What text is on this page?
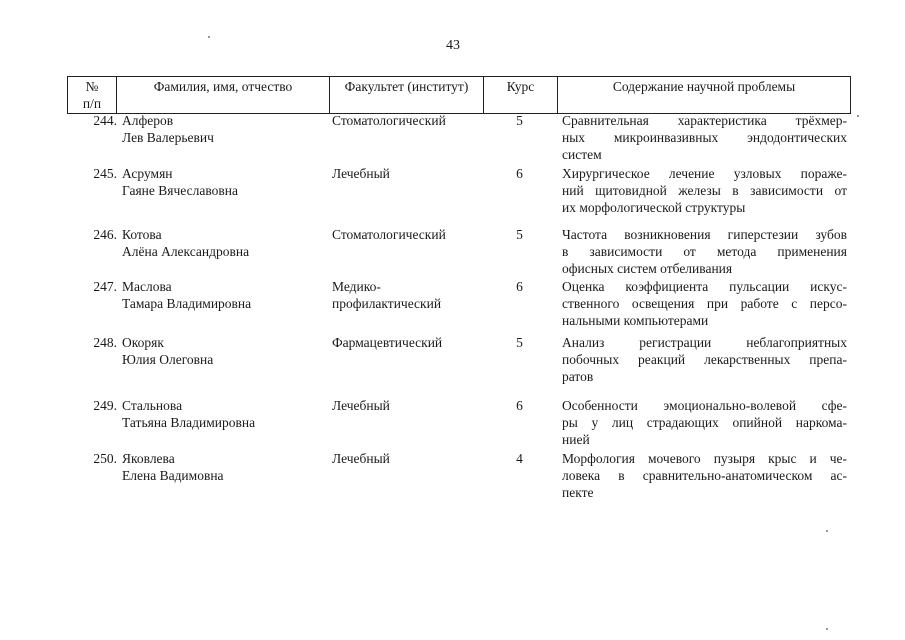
43
№
п/п
	Фамилия, имя, отчество	Факультет (институт)	Курс	Содержание научной проблемы
244. Алферов
Лев Валерьевич
Стоматологический	5	Сравнительная характеристика трёхмер-
ных микроинвазивных эндодонтических
систем
245. Асрумян
Гаяне Вячеславовна
Лечебный	6	Хирургическое лечение узловых пораже-
ний щитовидной железы в зависимости от
их морфологической структуры
246. Котова
Алёна Александровна
Стоматологический	5	Частота возникновения гиперстезии зубов
в зависимости от метода применения
офисных систем отбеливания
247. Маслова
Тамара Владимировна
Медико-
профилактический
6	Оценка коэффициента пульсации искус-
ственного освещения при работе с персо-
нальными компьютерами
248. Окоряк
Юлия Олеговна
Фармацевтический	5	Анализ регистрации неблагоприятных
побочных реакций лекарственных препа-
ратов
249. Стальнова
Татьяна Владимировна
Лечебный	6	Особенности эмоционально-волевой сфе-
ры у лиц страдающих опийной наркома-
нией
250. Яковлева
Елена Вадимовна
Лечебный	4	Морфология мочевого пузыря крыс и че-
ловека в сравнительно-анатомическом ас-
пекте
